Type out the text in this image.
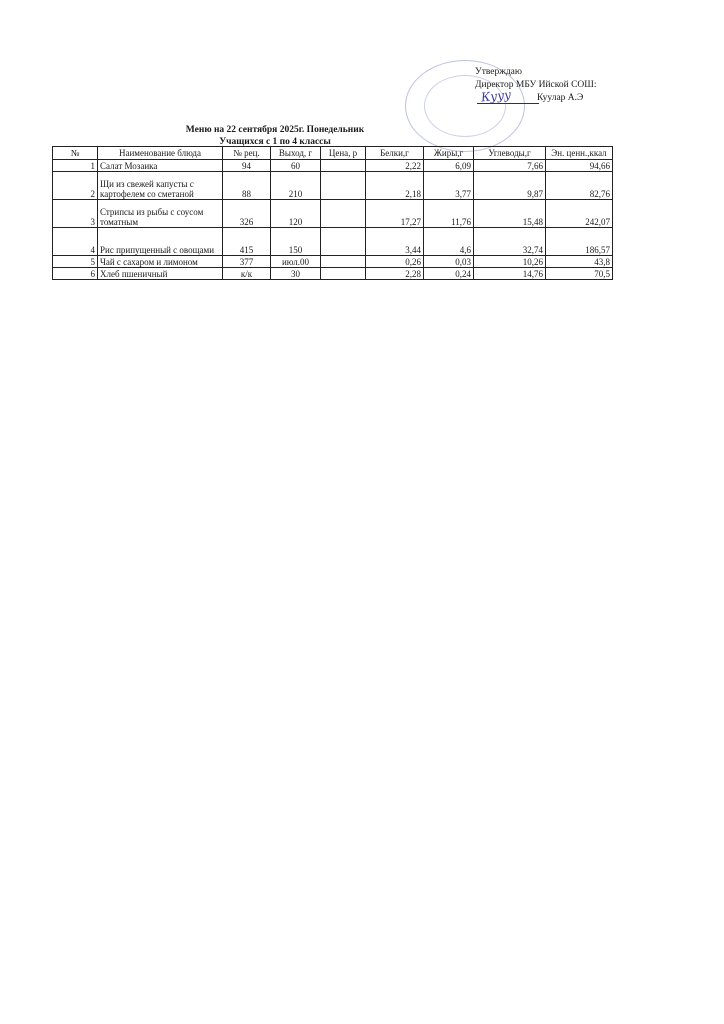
Утверждаю
Директор МБУ Ийской СОШ:
Кууу	Куулар А.Э
Меню на 22 сентября 2025г. Понедельник
Учащихся с 1 по 4 классы
№	Наименование блюда	№ рец.	Выход, г	Цена, р	Белки,г	Жиры,г	Углеводы,г	Эн. ценн.,ккал
1	Салат Мозаика	94	60		2,22	6,09	7,66	94,66
2	Щи из свежей капусты с картофелем со сметаной	88	210		2,18	3,77	9,87	82,76
3	Стрипсы из рыбы с соусом томатным	326	120		17,27	11,76	15,48	242,07
4	Рис припущенный с овощами	415	150		3,44	4,6	32,74	186,57
5	Чай с сахаром и лимоном	377	июл.00		0,26	0,03	10,26	43,8
6	Хлеб пшеничный	к/к	30		2,28	0,24	14,76	70,5
